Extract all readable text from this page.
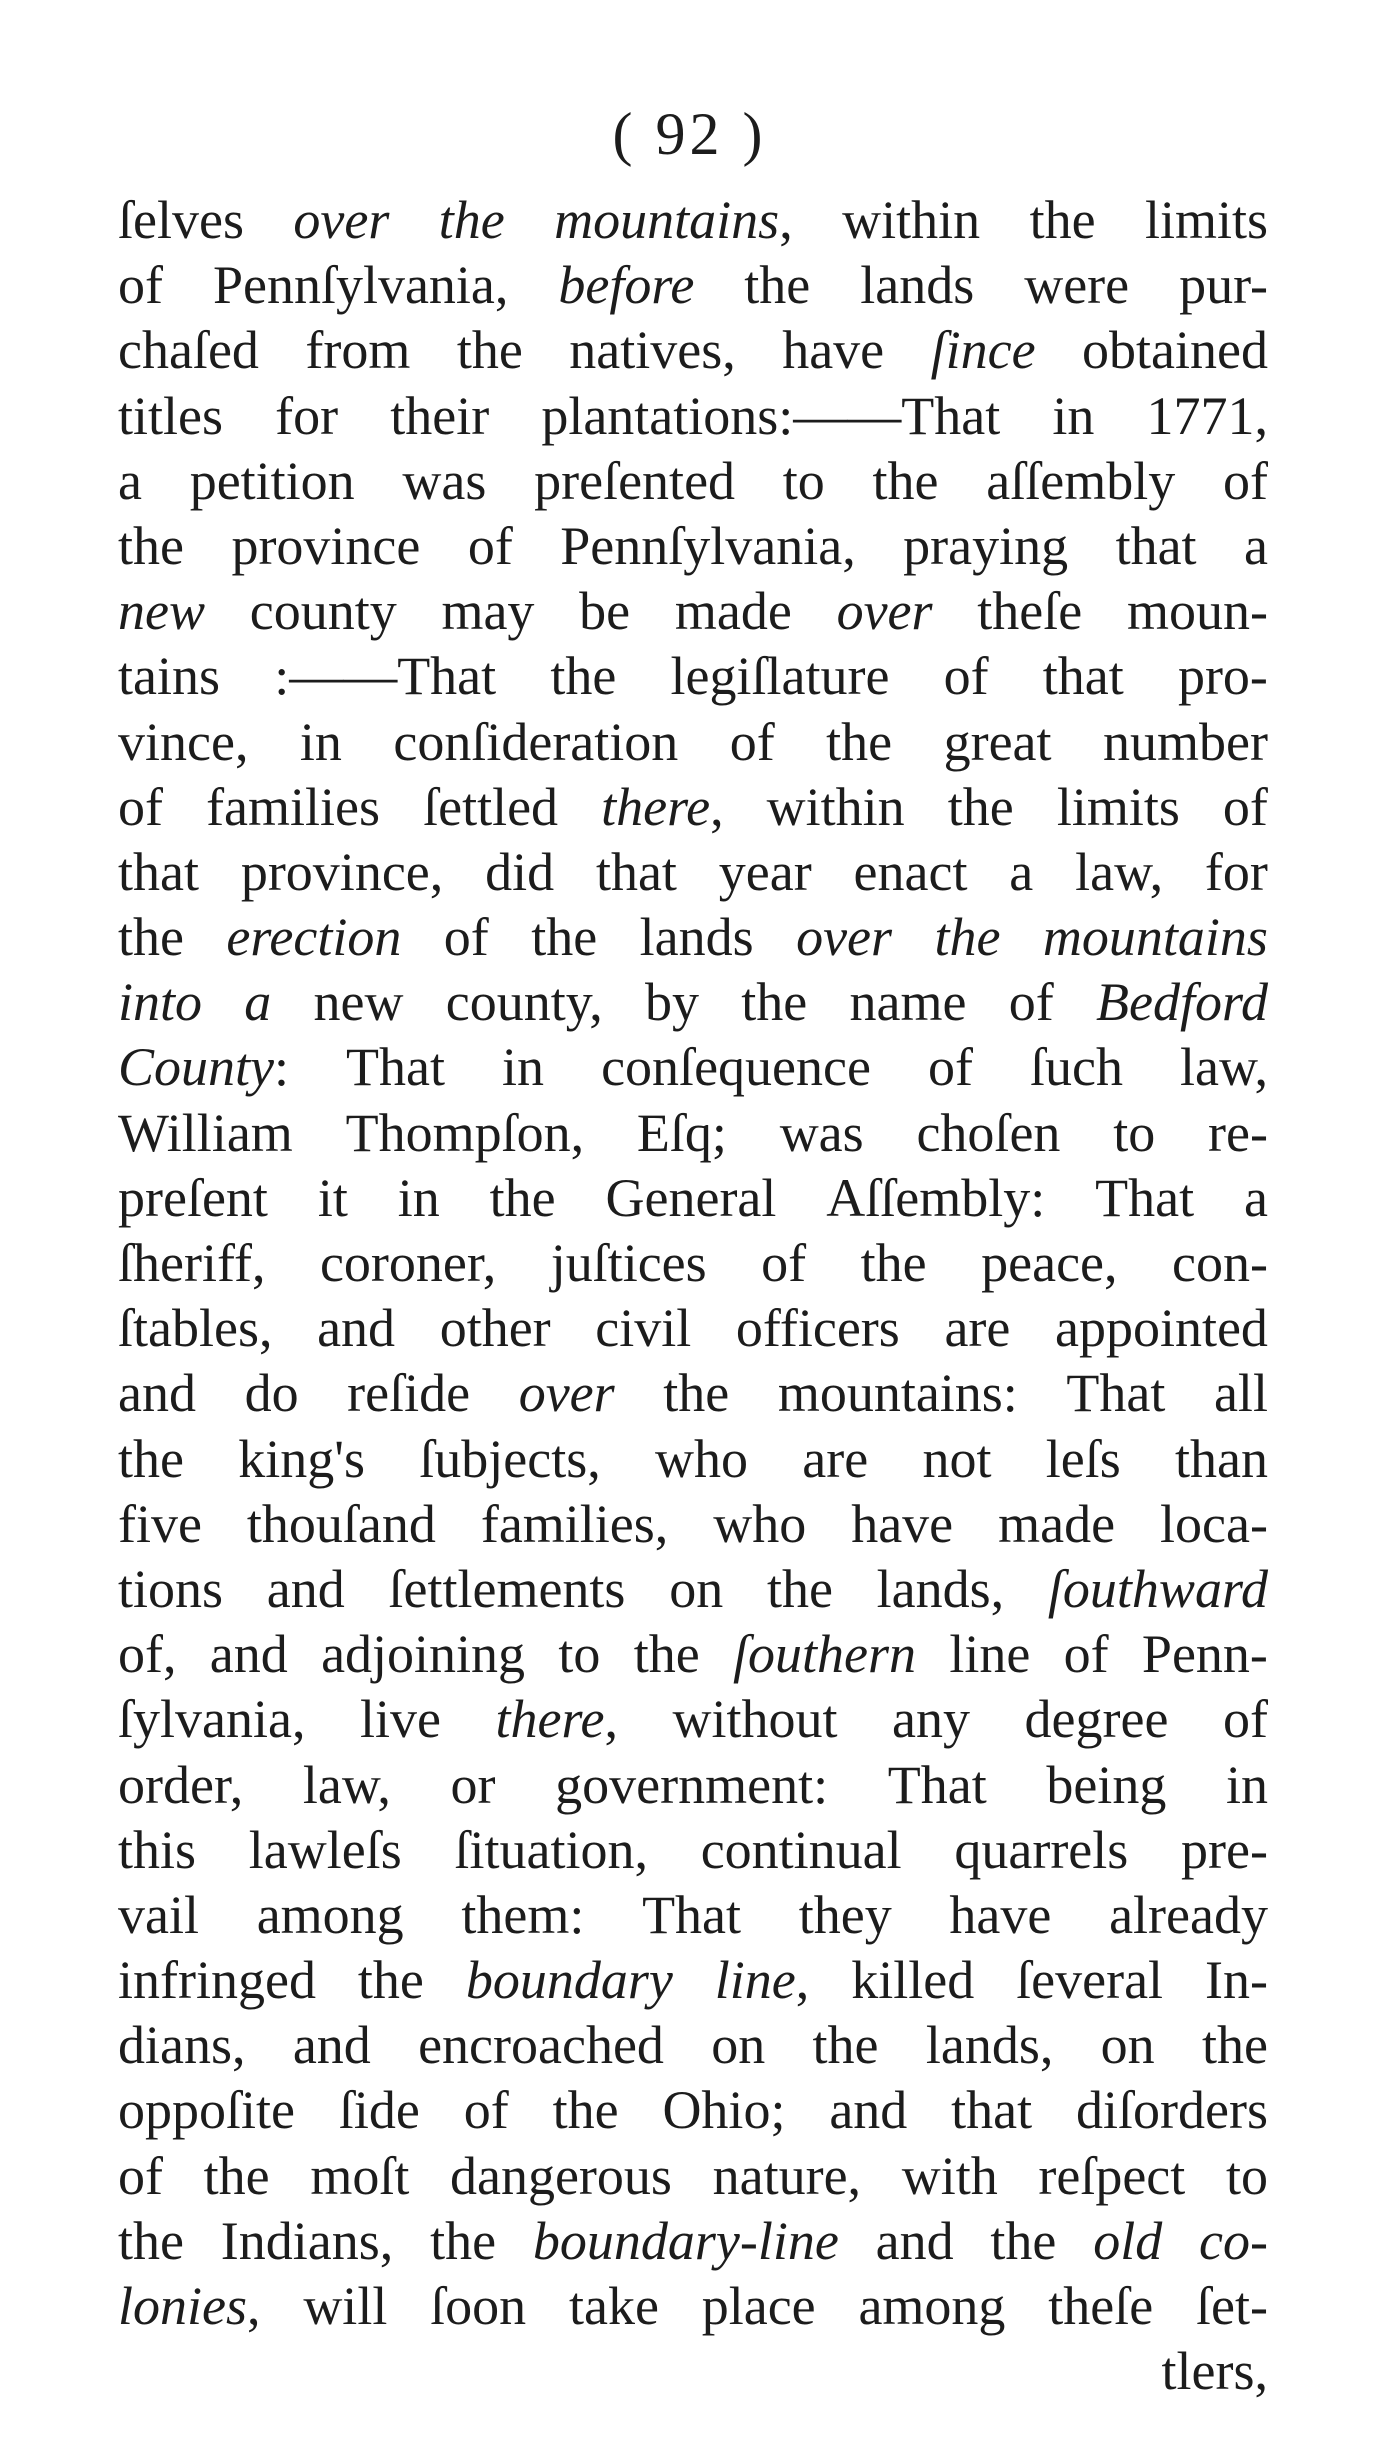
( 92 )
ſelves over the mountains, within the limits
of Pennſylvania, before the lands were pur-
chaſed from the natives, have ſince obtained
titles for their plantations:——That in 1771,
a petition was preſented to the aſſembly of
the province of Pennſylvania, praying that a
new county may be made over theſe moun-
tains :——That the legiſlature of that pro-
vince, in conſideration of the great number
of families ſettled there, within the limits of
that province, did that year enact a law, for
the erection of the lands over the mountains
into a new county, by the name of Bedford
County: That in conſequence of ſuch law,
William Thompſon, Eſq; was choſen to re-
preſent it in the General Aſſembly: That a
ſheriff, coroner, juſtices of the peace, con-
ſtables, and other civil officers are appointed
and do reſide over the mountains: That all
the king's ſubjects, who are not leſs than
five thouſand families, who have made loca-
tions and ſettlements on the lands, ſouthward
of, and adjoining to the ſouthern line of Penn-
ſylvania, live there, without any degree of
order, law, or government: That being in
this lawleſs ſituation, continual quarrels pre-
vail among them: That they have already
infringed the boundary line, killed ſeveral In-
dians, and encroached on the lands, on the
oppoſite ſide of the Ohio; and that diſorders
of the moſt dangerous nature, with reſpect to
the Indians, the boundary-line and the old co-
lonies, will ſoon take place among theſe ſet-
tlers,
